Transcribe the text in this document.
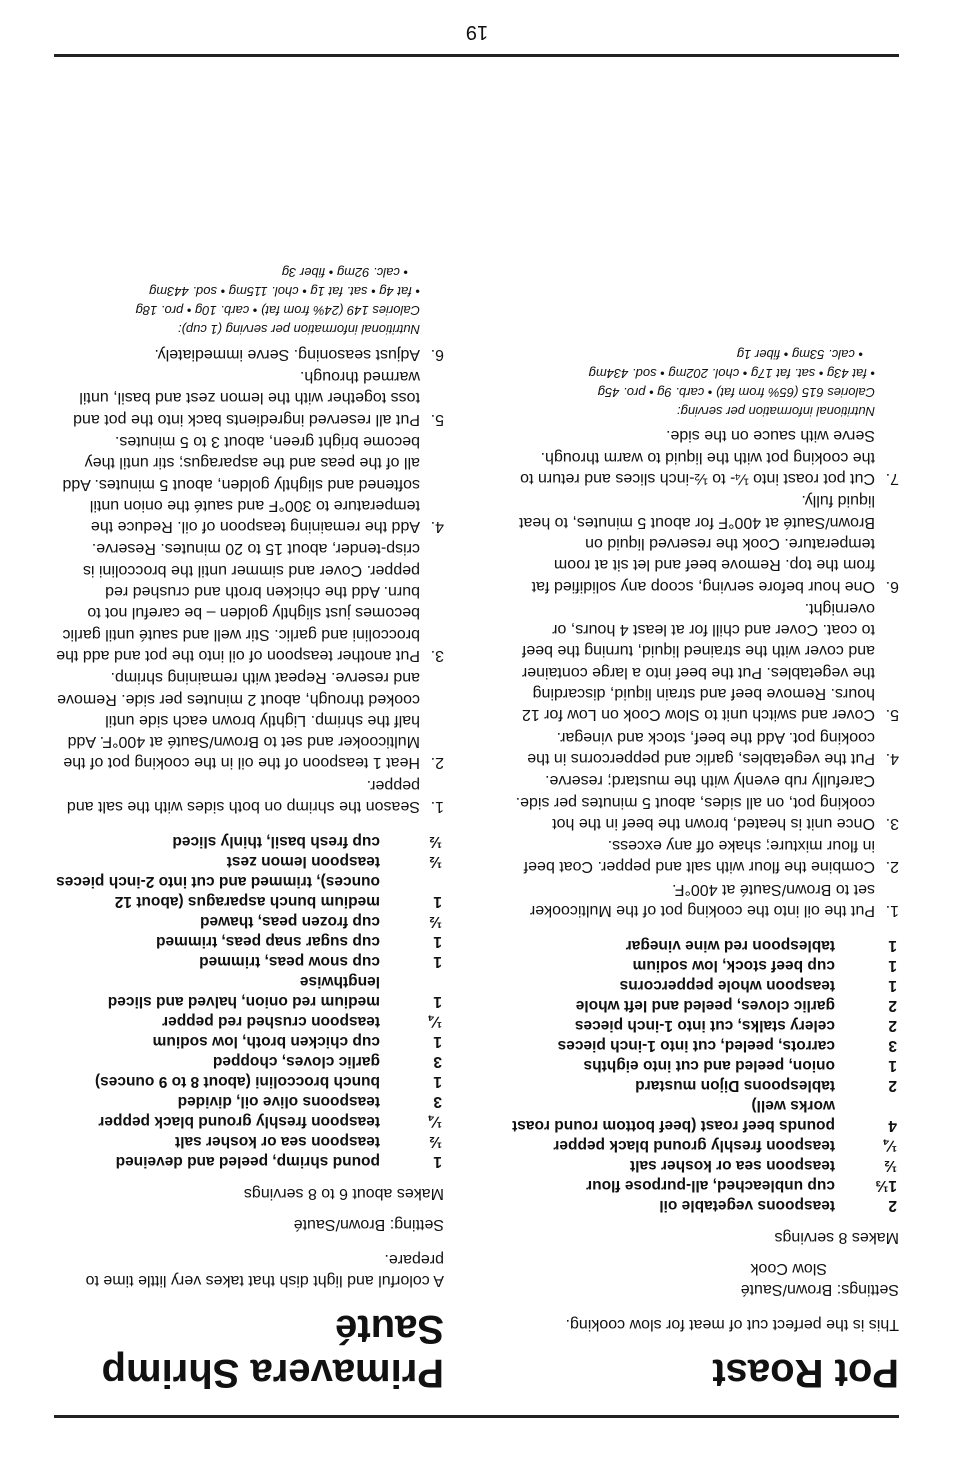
Pot Roast

This is the perfect cut of meat for slow cooking.

Settings: Brown/Sauté
Slow Cook

Makes 8 servings

2
teaspoons vegetable oil
1⅓
cup unbleached, all-purpose flour
½
teaspoon sea or kosher salt
¼
teaspoon freshly ground black pepper
4
pounds beef roast (beef bottom round roast works well)
2
tablespoons Dijon mustard
1
onion, peeled and cut into eighths
3
carrots, peeled, cut into 1-inch pieces
2
celery stalks, cut into 1-inch pieces
2
garlic cloves, peeled and left whole
1
teaspoon whole peppercorns
1
cup beef stock, low sodium
1
tablespoon red wine vinegar
1.
Put the oil into the cooking pot of the Multicooker set to Brown/Sauté at 400°F.
2.
Combine the flour with salt and pepper. Coat beef in flour mixture; shake off any excess.
3.
Once unit is heated, brown the beef in the hot cooking pot, on all sides, about 5 minutes per side. Carefully rub evenly with the mustard; reserve.
4.
Put the vegetables, garlic and peppercorns in the cooking pot. Add the beef, stock and vinegar.
5.
Cover and switch unit to Slow Cook on Low for 12 hours. Remove beef and strain liquid, discarding the vegetables. Put the beef into a large container and cover with the strained liquid, turning the beef to coat. Cover and chill for at least 4 hours, or overnight.
6.
One hour before serving, scoop any solidified fat from the top. Remove beef and let sit at room temperature. Cook the reserved liquid on Brown/Sauté at 400°F for about 5 minutes, to heat liquid fully.
7.
Cut pot roast into ¼- to ½-inch slices and return to the cooking pot with the liquid to warm through. Serve with sauce on the side.
Nutritional information per serving:
Calories 615 (65% from fat) • carb. 9g • pro. 45g
• fat 43g • sat. fat 17g • chol. 202mg • sod. 434mg
• calc. 53mg • fiber 1g
Primavera Shrimp Sauté

A colorful and light dish that takes very little time to prepare.

Setting: Brown/Sauté

Makes about 6 to 8 servings

1
pound shrimp, peeled and deveined
½
teaspoon sea or kosher salt
¼
teaspoon freshly ground black pepper
3
teaspoons olive oil, divided
1
bunch broccolini (about 8 to 9 ounces)
3
garlic cloves, chopped
1
cup chicken broth, low sodium
¼
teaspoon crushed red pepper
1
medium red onion, halved and sliced lengthwise
1
cup snow peas, trimmed
1
cup sugar snap peas, trimmed
½
cup frozen peas, thawed
1
medium bunch asparagus (about 12 ounces), trimmed and cut into 2-inch pieces
½
teaspoon lemon zest
½
cup fresh basil, thinly sliced
1.
Season the shrimp on both sides with the salt and pepper.
2.
Heat 1 teaspoon of the oil in the cooking pot of the Multicooker and set to Brown/Sauté at 400°F. Add half the shrimp. Lightly brown each side until cooked through, about 2 minutes per side. Remove and reserve. Repeat with remaining shrimp.
3.
Put another teaspoon of oil into the pot and add the broccolini and garlic. Stir well and sauté until garlic becomes just slightly golden – be careful not to burn. Add the chicken broth and crushed red pepper. Cover and simmer until the broccolini is crisp-tender, about 15 to 20 minutes. Reserve.
4.
Add the remaining teaspoon of oil. Reduce the temperature to 300°F and sauté the onion until softened and slightly golden, about 5 minutes. Add all of the peas and the asparagus; stir until they become bright green, about 3 to 5 minutes.
5.
Put all reserved ingredients back into the pot and toss together with the lemon zest and basil, until warmed through.
6.
Adjust seasoning. Serve immediately.
Nutritional information per serving (1 cup):
Calories 149 (24% from fat) • carb. 10g • pro. 18g
• fat 4g • sat. fat 1g • chol. 115mg • sod. 443mg
• calc. 92mg • fiber 3g
19
